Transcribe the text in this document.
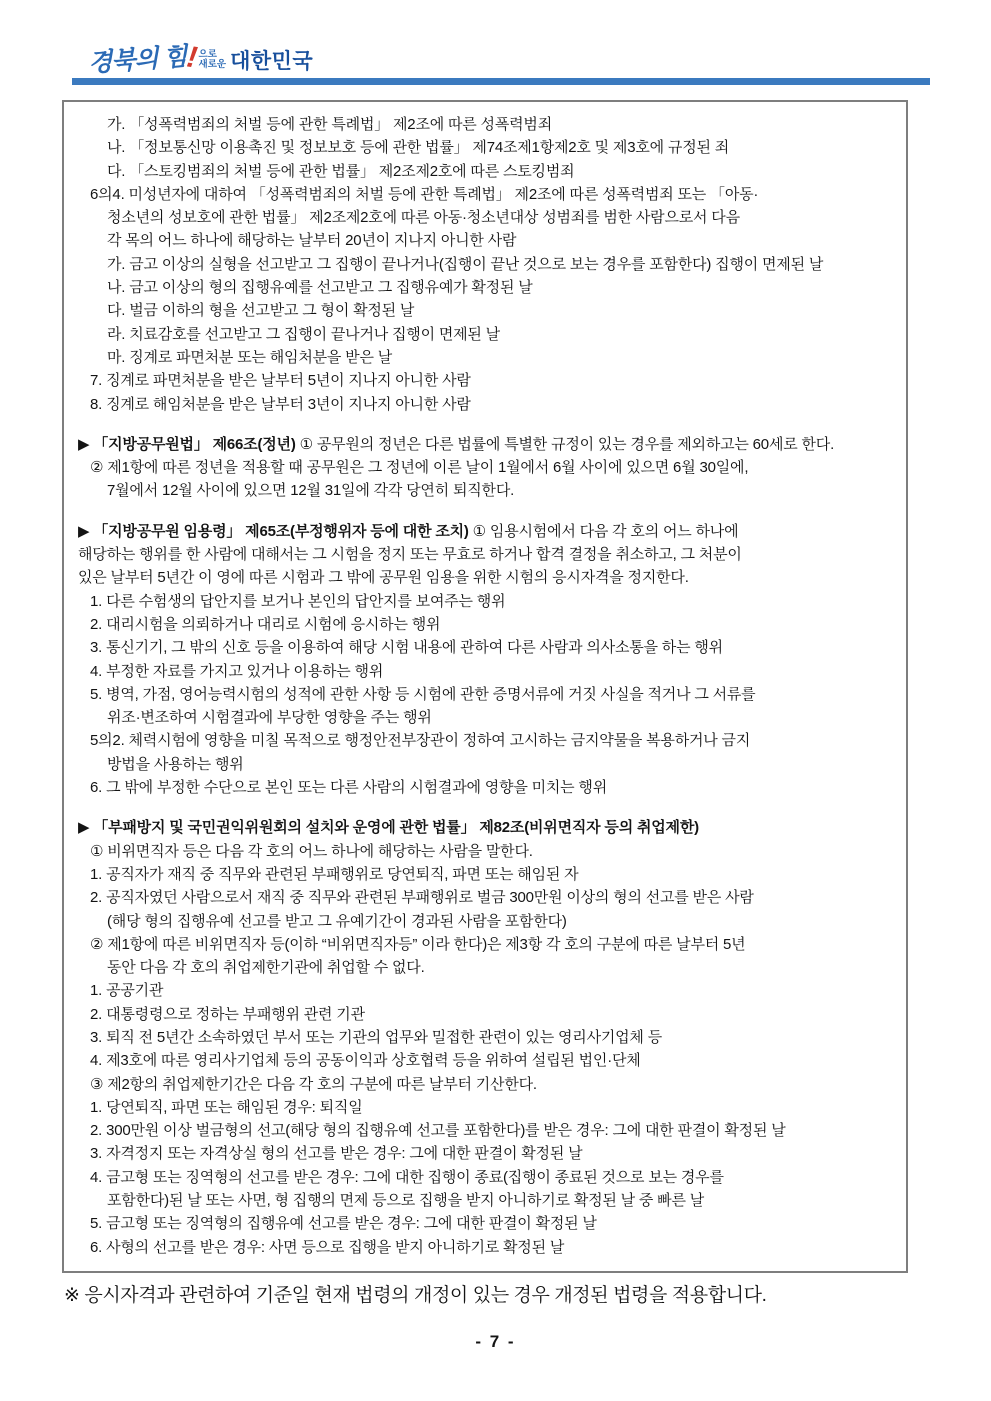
경북의 힘
! 으로
새로운 대한민국
가. 「성폭력범죄의 처벌 등에 관한 특례법」 제2조에 따른 성폭력범죄
나. 「정보통신망 이용촉진 및 정보보호 등에 관한 법률」 제74조제1항제2호 및 제3호에 규정된 죄
다. 「스토킹범죄의 처벌 등에 관한 법률」 제2조제2호에 따른 스토킹범죄
6의4. 미성년자에 대하여 「성폭력범죄의 처벌 등에 관한 특례법」 제2조에 따른 성폭력범죄 또는 「아동·
청소년의 성보호에 관한 법률」 제2조제2호에 따른 아동·청소년대상 성범죄를 범한 사람으로서 다음
각 목의 어느 하나에 해당하는 날부터 20년이 지나지 아니한 사람
가. 금고 이상의 실형을 선고받고 그 집행이 끝나거나(집행이 끝난 것으로 보는 경우를 포함한다) 집행이 면제된 날
나. 금고 이상의 형의 집행유예를 선고받고 그 집행유예가 확정된 날
다. 벌금 이하의 형을 선고받고 그 형이 확정된 날
라. 치료감호를 선고받고 그 집행이 끝나거나 집행이 면제된 날
마. 징계로 파면처분 또는 해임처분을 받은 날
7. 징계로 파면처분을 받은 날부터 5년이 지나지 아니한 사람
8. 징계로 해임처분을 받은 날부터 3년이 지나지 아니한 사람
▶ 「지방공무원법」 제66조(정년) ① 공무원의 정년은 다른 법률에 특별한 규정이 있는 경우를 제외하고는 60세로 한다.
② 제1항에 따른 정년을 적용할 때 공무원은 그 정년에 이른 날이 1월에서 6월 사이에 있으면 6월 30일에,
7월에서 12월 사이에 있으면 12월 31일에 각각 당연히 퇴직한다.
▶ 「지방공무원 임용령」 제65조(부정행위자 등에 대한 조치) ① 임용시험에서 다음 각 호의 어느 하나에
해당하는 행위를 한 사람에 대해서는 그 시험을 정지 또는 무효로 하거나 합격 결정을 취소하고, 그 처분이
있은 날부터 5년간 이 영에 따른 시험과 그 밖에 공무원 임용을 위한 시험의 응시자격을 정지한다.
1. 다른 수험생의 답안지를 보거나 본인의 답안지를 보여주는 행위
2. 대리시험을 의뢰하거나 대리로 시험에 응시하는 행위
3. 통신기기, 그 밖의 신호 등을 이용하여 해당 시험 내용에 관하여 다른 사람과 의사소통을 하는 행위
4. 부정한 자료를 가지고 있거나 이용하는 행위
5. 병역, 가점, 영어능력시험의 성적에 관한 사항 등 시험에 관한 증명서류에 거짓 사실을 적거나 그 서류를
위조·변조하여 시험결과에 부당한 영향을 주는 행위
5의2. 체력시험에 영향을 미칠 목적으로 행정안전부장관이 정하여 고시하는 금지약물을 복용하거나 금지
방법을 사용하는 행위
6. 그 밖에 부정한 수단으로 본인 또는 다른 사람의 시험결과에 영향을 미치는 행위
▶ 「부패방지 및 국민권익위원회의 설치와 운영에 관한 법률」 제82조(비위면직자 등의 취업제한)
① 비위면직자 등은 다음 각 호의 어느 하나에 해당하는 사람을 말한다.
1. 공직자가 재직 중 직무와 관련된 부패행위로 당연퇴직, 파면 또는 해임된 자
2. 공직자였던 사람으로서 재직 중 직무와 관련된 부패행위로 벌금 300만원 이상의 형의 선고를 받은 사람
(해당 형의 집행유예 선고를 받고 그 유예기간이 경과된 사람을 포함한다)
② 제1항에 따른 비위면직자 등(이하 “비위면직자등” 이라 한다)은 제3항 각 호의 구분에 따른 날부터 5년
동안 다음 각 호의 취업제한기관에 취업할 수 없다.
1. 공공기관
2. 대통령령으로 정하는 부패행위 관련 기관
3. 퇴직 전 5년간 소속하였던 부서 또는 기관의 업무와 밀접한 관련이 있는 영리사기업체 등
4. 제3호에 따른 영리사기업체 등의 공동이익과 상호협력 등을 위하여 설립된 법인·단체
③ 제2항의 취업제한기간은 다음 각 호의 구분에 따른 날부터 기산한다.
1. 당연퇴직, 파면 또는 해임된 경우: 퇴직일
2. 300만원 이상 벌금형의 선고(해당 형의 집행유예 선고를 포함한다)를 받은 경우: 그에 대한 판결이 확정된 날
3. 자격정지 또는 자격상실 형의 선고를 받은 경우: 그에 대한 판결이 확정된 날
4. 금고형 또는 징역형의 선고를 받은 경우: 그에 대한 집행이 종료(집행이 종료된 것으로 보는 경우를
포함한다)된 날 또는 사면, 형 집행의 면제 등으로 집행을 받지 아니하기로 확정된 날 중 빠른 날
5. 금고형 또는 징역형의 집행유예 선고를 받은 경우: 그에 대한 판결이 확정된 날
6. 사형의 선고를 받은 경우: 사면 등으로 집행을 받지 아니하기로 확정된 날
※ 응시자격과 관련하여 기준일 현재 법령의 개정이 있는 경우 개정된 법령을 적용합니다.
- 7 -
